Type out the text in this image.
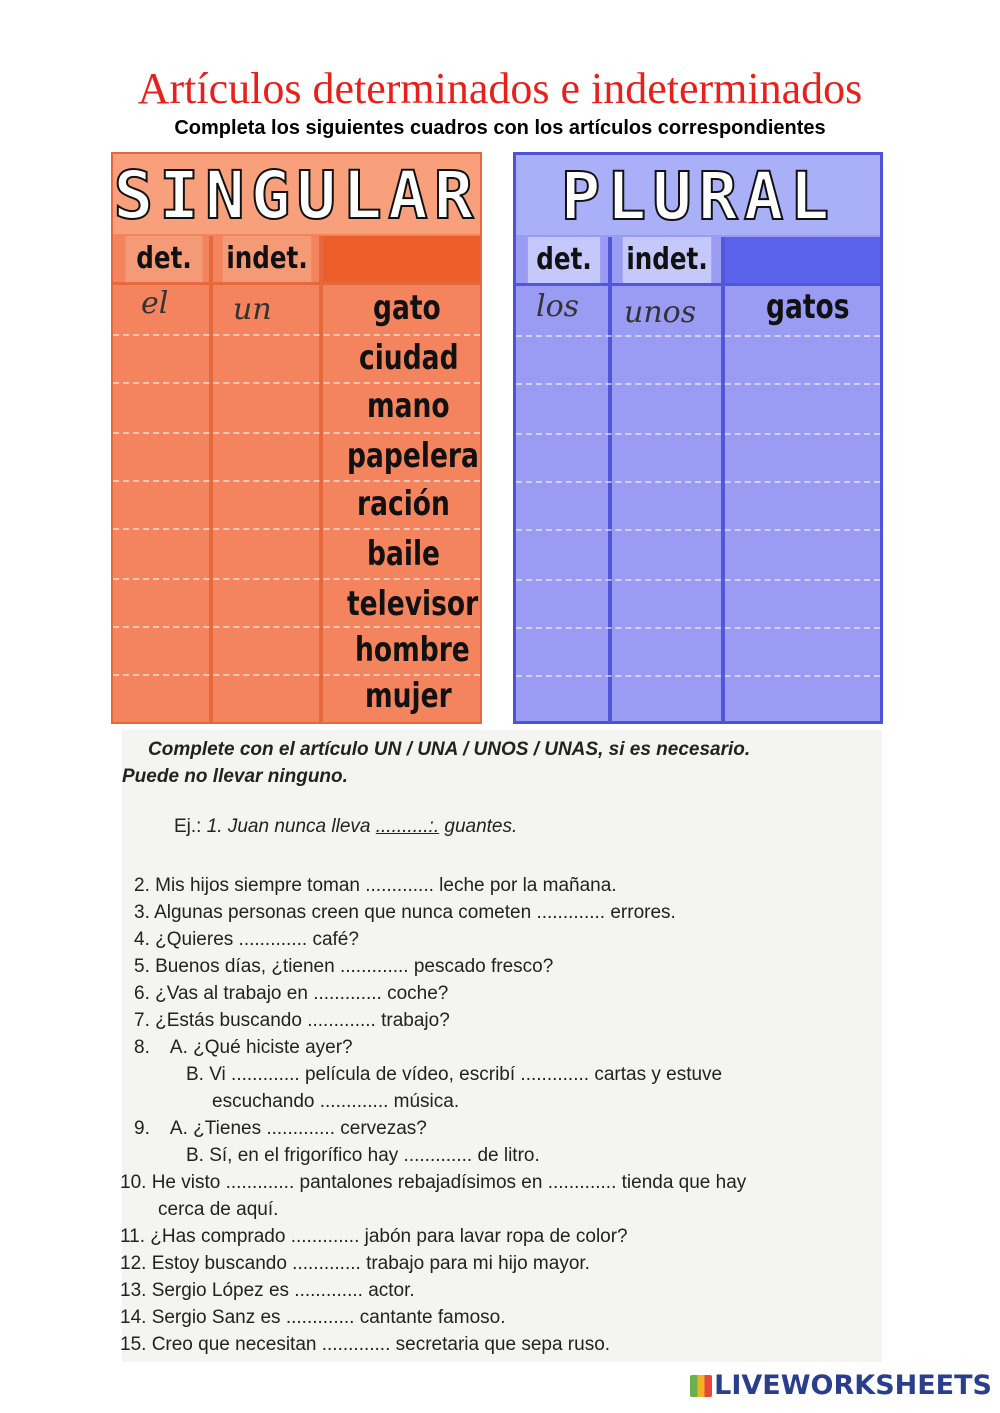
Artículos determinados e indeterminados
Completa los siguientes cuadros con los artículos correspondientes
SINGULAR
det.	indet.
el un	gato
ciudad
mano
papelera
ración
baile
televisor
hombre
mujer
PLURAL
det. indet.
los unos gatos
Complete con el artículo UN / UNA / UNOS / UNAS, si es necesario.
Puede no llevar ninguno.
Ej.: 1. Juan nunca lleva ..........:. guantes.
2. Mis hijos siempre toman ............. leche por la mañana.
3. Algunas personas creen que nunca cometen ............. errores.
4. ¿Quieres ............. café?
5. Buenos días, ¿tienen ............. pescado fresco?
6. ¿Vas al trabajo en ............. coche?
7. ¿Estás buscando ............. trabajo?
8.    A. ¿Qué hiciste ayer?
B. Vi ............. película de vídeo, escribí ............. cartas y estuve
escuchando ............. música.
9.    A. ¿Tienes ............. cervezas?
B. Sí, en el frigorífico hay ............. de litro.
10. He visto ............. pantalones rebajadísimos en ............. tienda que hay
cerca de aquí.
11. ¿Has comprado ............. jabón para lavar ropa de color?
12. Estoy buscando ............. trabajo para mi hijo mayor.
13. Sergio López es ............. actor.
14. Sergio Sanz es ............. cantante famoso.
15. Creo que necesitan ............. secretaria que sepa ruso.
LIVEWORKSHEETS
